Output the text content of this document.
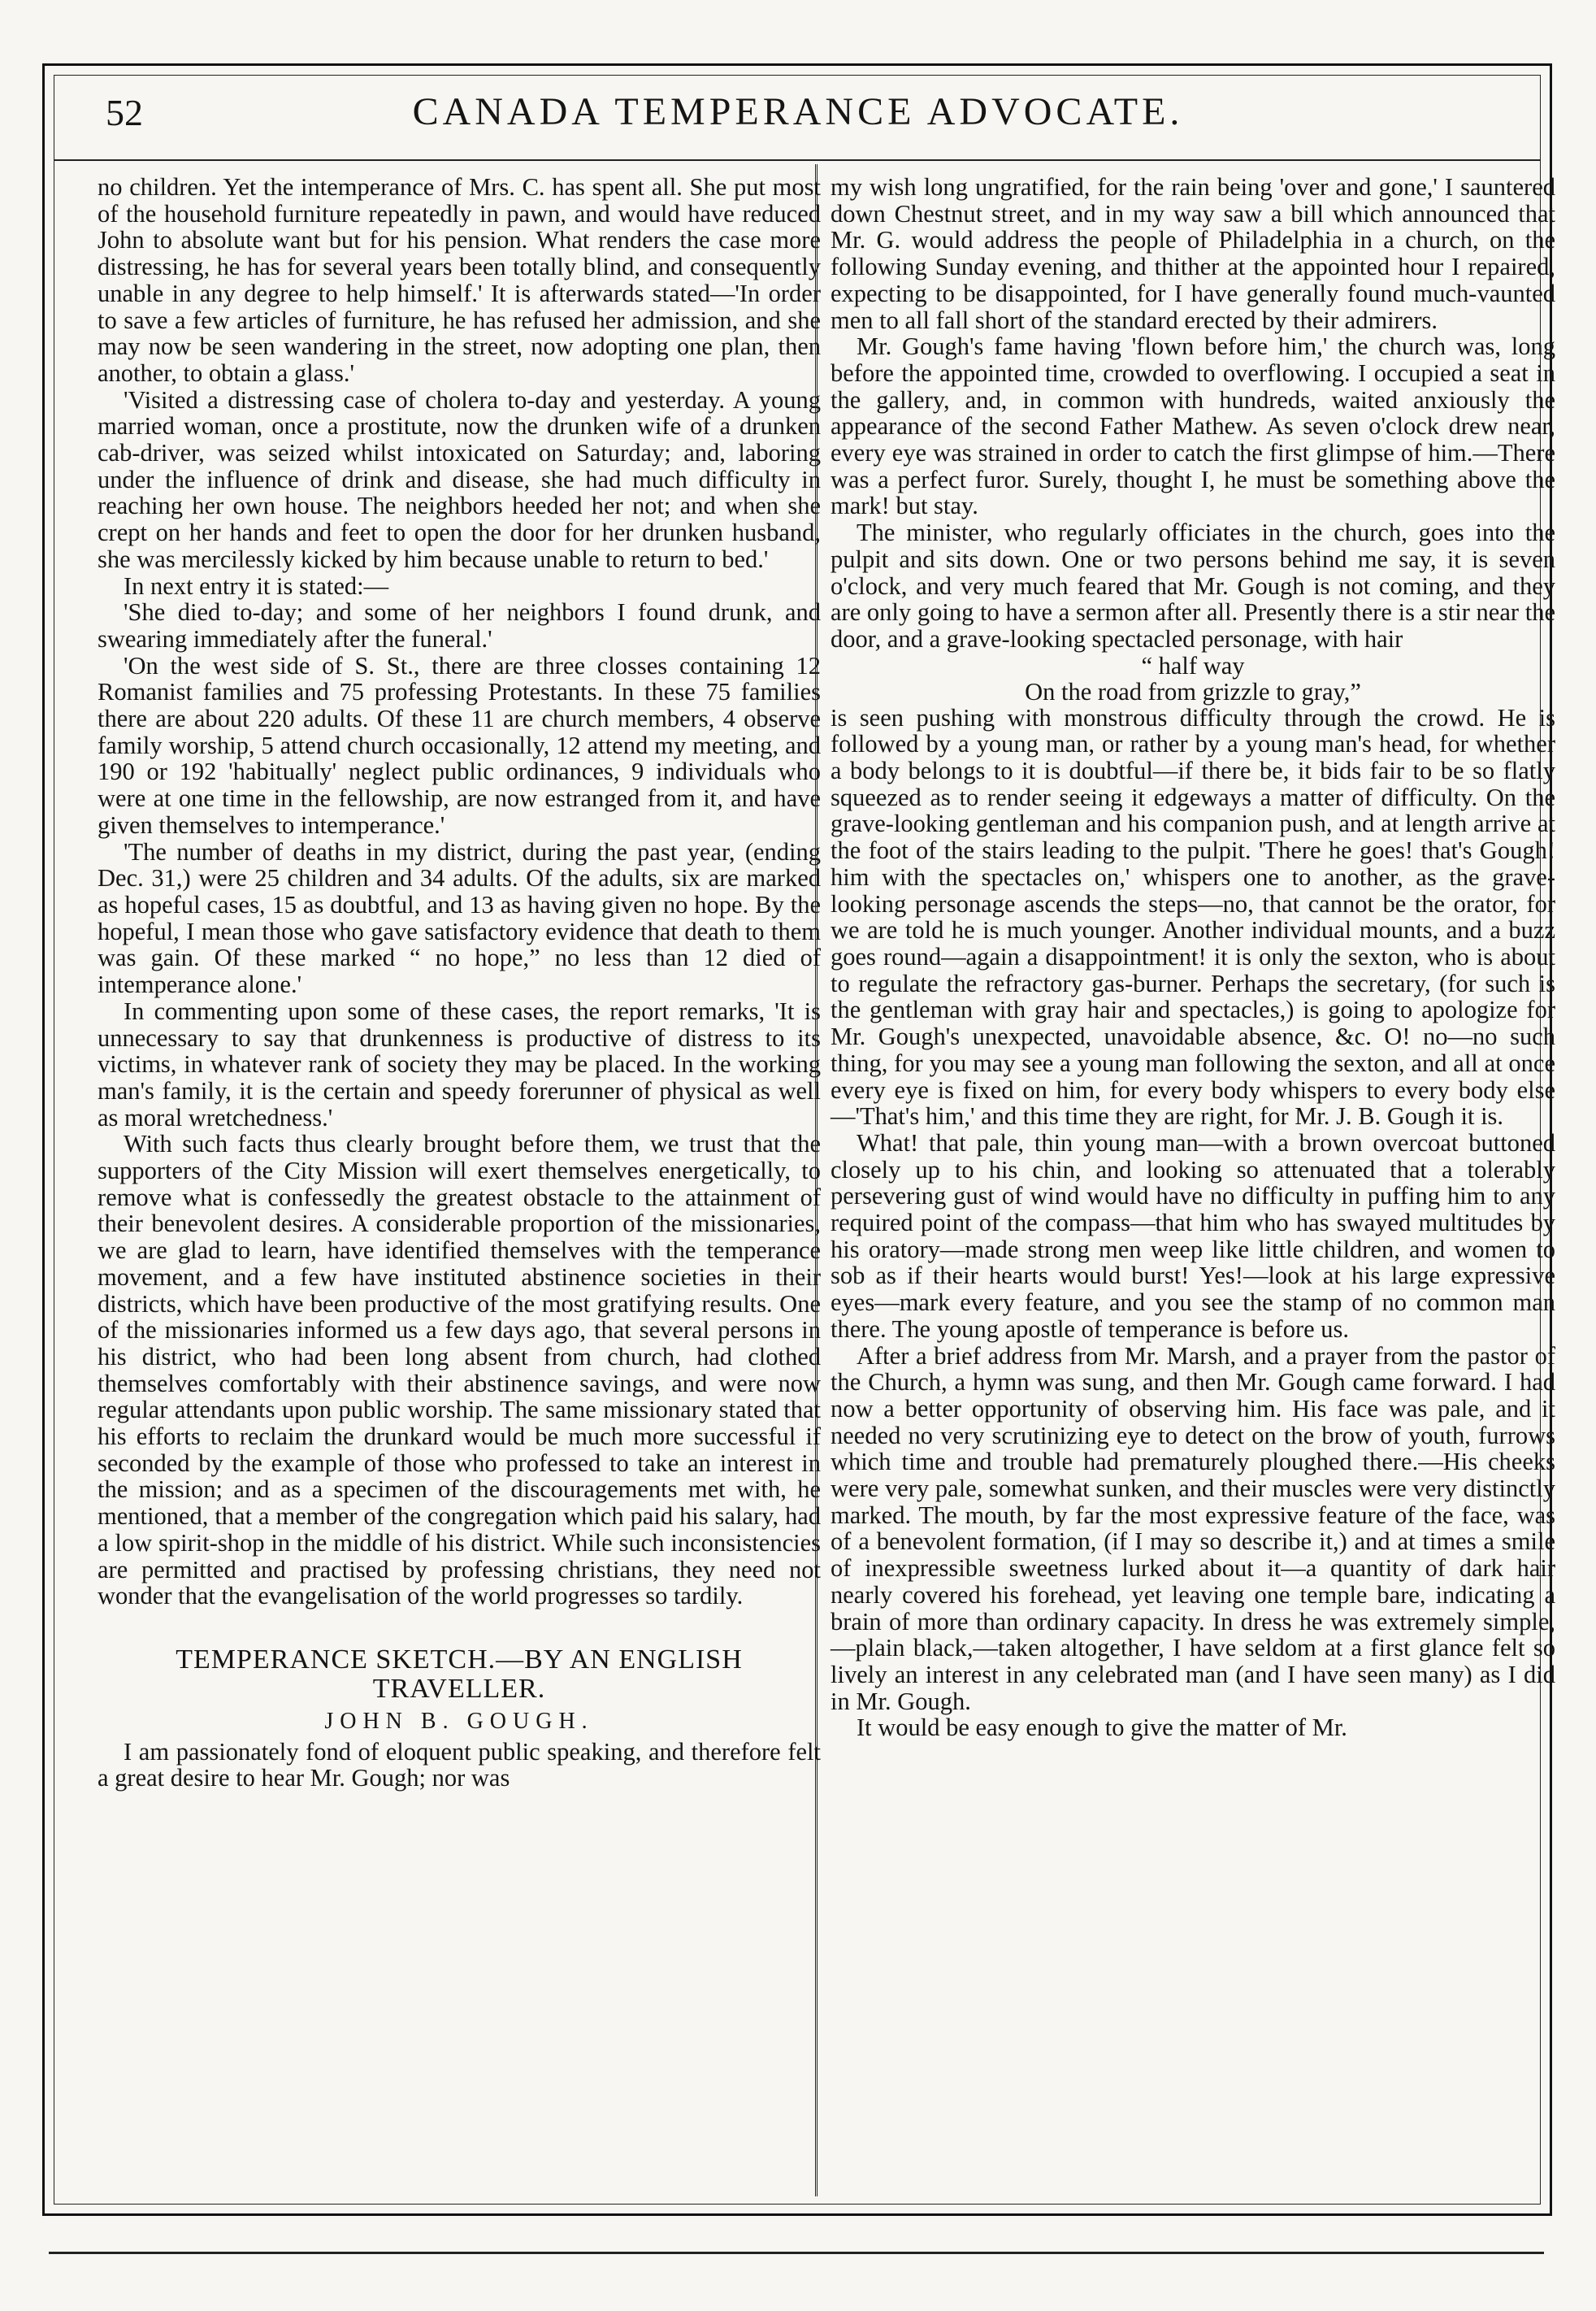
52	CANADA TEMPERANCE ADVOCATE.

no children. Yet the intemperance of Mrs. C. has spent all. She put most of the household furniture repeatedly in pawn, and would have reduced John to absolute want but for his pension. What renders the case more distressing, he has for several years been totally blind, and consequently unable in any degree to help himself.' It is afterwards stated—'In order to save a few articles of furniture, he has refused her admission, and she may now be seen wandering in the street, now adopting one plan, then another, to obtain a glass.'

'Visited a distressing case of cholera to-day and yesterday. A young married woman, once a prostitute, now the drunken wife of a drunken cab-driver, was seized whilst intoxicated on Saturday; and, laboring under the influence of drink and disease, she had much difficulty in reaching her own house. The neighbors heeded her not; and when she crept on her hands and feet to open the door for her drunken husband, she was mercilessly kicked by him because unable to return to bed.'

In next entry it is stated:—

'She died to-day; and some of her neighbors I found drunk, and swearing immediately after the funeral.'

'On the west side of S. St., there are three closses containing 12 Romanist families and 75 professing Protestants. In these 75 families there are about 220 adults. Of these 11 are church members, 4 observe family worship, 5 attend church occasionally, 12 attend my meeting, and 190 or 192 'habitually' neglect public ordinances, 9 individuals who were at one time in the fellowship, are now estranged from it, and have given themselves to intemperance.'

'The number of deaths in my district, during the past year, (ending Dec. 31,) were 25 children and 34 adults. Of the adults, six are marked as hopeful cases, 15 as doubtful, and 13 as having given no hope. By the hopeful, I mean those who gave satisfactory evidence that death to them was gain. Of these marked “ no hope,” no less than 12 died of intemperance alone.'

In commenting upon some of these cases, the report remarks, 'It is unnecessary to say that drunkenness is productive of distress to its victims, in whatever rank of society they may be placed. In the working man's family, it is the certain and speedy forerunner of physical as well as moral wretchedness.'

With such facts thus clearly brought before them, we trust that the supporters of the City Mission will exert themselves energetically, to remove what is confessedly the greatest obstacle to the attainment of their benevolent desires. A considerable proportion of the missionaries, we are glad to learn, have identified themselves with the temperance movement, and a few have instituted abstinence societies in their districts, which have been productive of the most gratifying results. One of the missionaries informed us a few days ago, that several persons in his district, who had been long absent from church, had clothed themselves comfortably with their abstinence savings, and were now regular attendants upon public worship. The same missionary stated that his efforts to reclaim the drunkard would be much more successful if seconded by the example of those who professed to take an interest in the mission; and as a specimen of the discouragements met with, he mentioned, that a member of the congregation which paid his salary, had a low spirit-shop in the middle of his district. While such inconsistencies are permitted and practised by professing christians, they need not wonder that the evangelisation of the world progresses so tardily.

TEMPERANCE SKETCH.—BY AN ENGLISH TRAVELLER.
JOHN B. GOUGH.

I am passionately fond of eloquent public speaking, and therefore felt a great desire to hear Mr. Gough; nor was

my wish long ungratified, for the rain being 'over and gone,' I sauntered down Chestnut street, and in my way saw a bill which announced that Mr. G. would address the people of Philadelphia in a church, on the following Sunday evening, and thither at the appointed hour I repaired, expecting to be disappointed, for I have generally found much-vaunted men to all fall short of the standard erected by their admirers.

Mr. Gough's fame having 'flown before him,' the church was, long before the appointed time, crowded to overflowing. I occupied a seat in the gallery, and, in common with hundreds, waited anxiously the appearance of the second Father Mathew. As seven o'clock drew near, every eye was strained in order to catch the first glimpse of him.—There was a perfect furor. Surely, thought I, he must be something above the mark! but stay.

The minister, who regularly officiates in the church, goes into the pulpit and sits down. One or two persons behind me say, it is seven o'clock, and very much feared that Mr. Gough is not coming, and they are only going to have a sermon after all. Presently there is a stir near the door, and a grave-looking spectacled personage, with hair

“ half way

On the road from grizzle to gray,”

is seen pushing with monstrous difficulty through the crowd. He is followed by a young man, or rather by a young man's head, for whether a body belongs to it is doubtful—if there be, it bids fair to be so flatly squeezed as to render seeing it edgeways a matter of difficulty. On the grave-looking gentleman and his companion push, and at length arrive at the foot of the stairs leading to the pulpit. 'There he goes! that's Gough! him with the spectacles on,' whispers one to another, as the grave-looking personage ascends the steps—no, that cannot be the orator, for we are told he is much younger. Another individual mounts, and a buzz goes round—again a disappointment! it is only the sexton, who is about to regulate the refractory gas-burner. Perhaps the secretary, (for such is the gentleman with gray hair and spectacles,) is going to apologize for Mr. Gough's unexpected, unavoidable absence, &c. O! no—no such thing, for you may see a young man following the sexton, and all at once every eye is fixed on him, for every body whispers to every body else—'That's him,' and this time they are right, for Mr. J. B. Gough it is.

What! that pale, thin young man—with a brown overcoat buttoned closely up to his chin, and looking so attenuated that a tolerably persevering gust of wind would have no difficulty in puffing him to any required point of the compass—that him who has swayed multitudes by his oratory—made strong men weep like little children, and women to sob as if their hearts would burst! Yes!—look at his large expressive eyes—mark every feature, and you see the stamp of no common man there. The young apostle of temperance is before us.

After a brief address from Mr. Marsh, and a prayer from the pastor of the Church, a hymn was sung, and then Mr. Gough came forward. I had now a better opportunity of observing him. His face was pale, and it needed no very scrutinizing eye to detect on the brow of youth, furrows which time and trouble had prematurely ploughed there.—His cheeks were very pale, somewhat sunken, and their muscles were very distinctly marked. The mouth, by far the most expressive feature of the face, was of a benevolent formation, (if I may so describe it,) and at times a smile of inexpressible sweetness lurked about it—a quantity of dark hair nearly covered his forehead, yet leaving one temple bare, indicating a brain of more than ordinary capacity. In dress he was extremely simple,—plain black,—taken altogether, I have seldom at a first glance felt so lively an interest in any celebrated man (and I have seen many) as I did in Mr. Gough.

It would be easy enough to give the matter of Mr.
